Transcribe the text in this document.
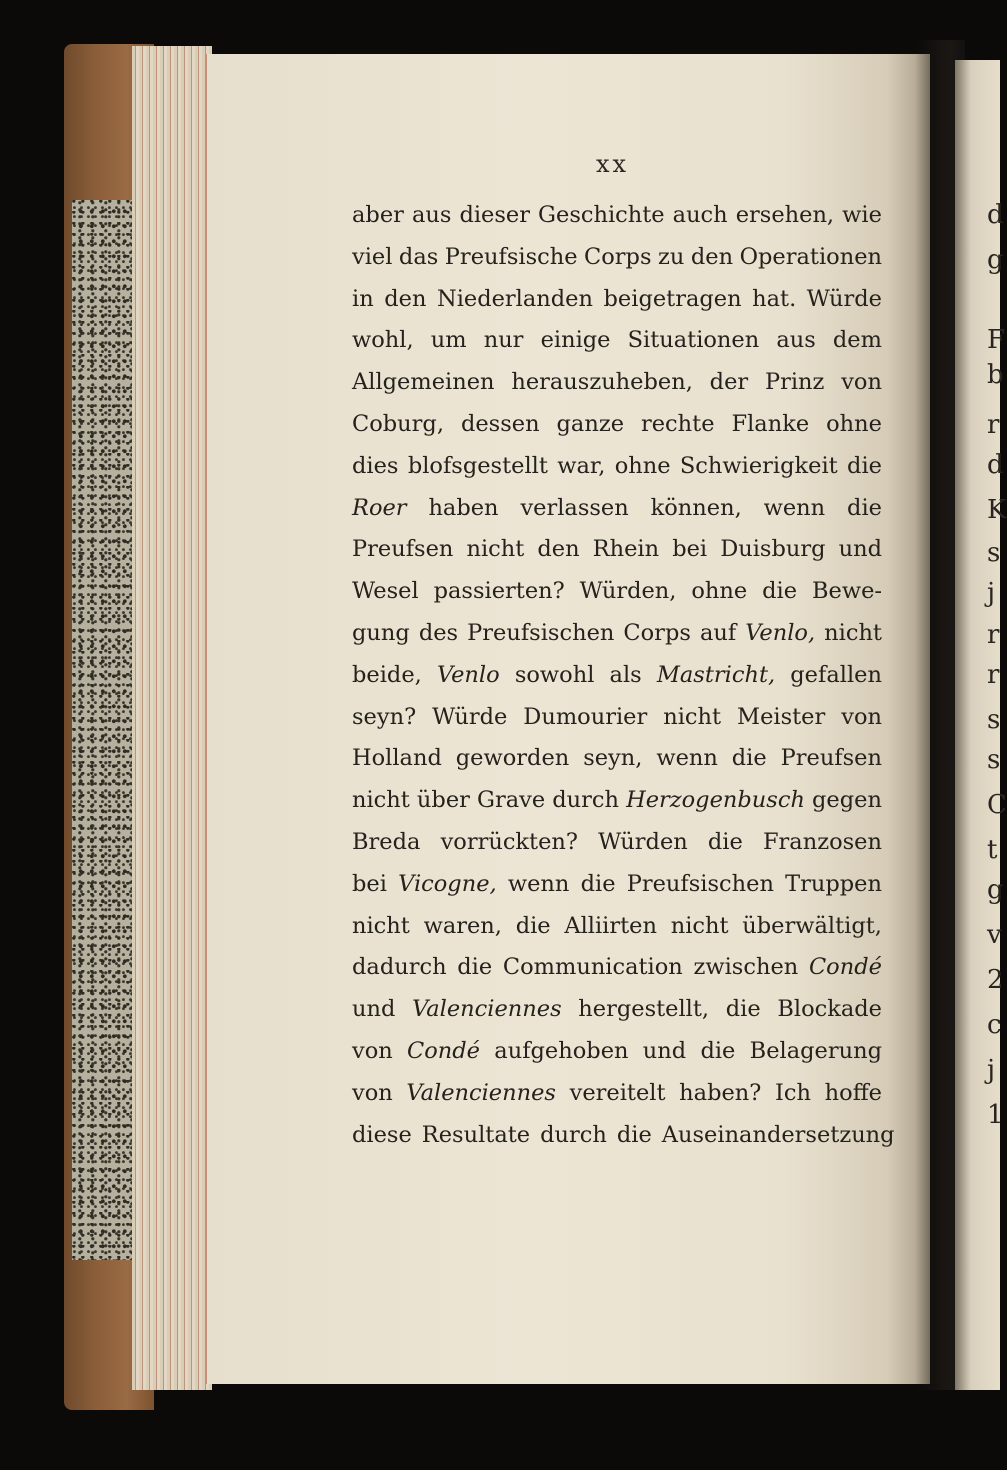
d
g
F
b
r
d
K
s
j
r
r
s
s
C
t
g
v
2
c
j
1
xx
aber aus dieser Geschichte auch ersehen, wie
viel das Preufsische Corps zu den Operationen
in den Niederlanden beigetragen hat. Würde
wohl, um nur einige Situationen aus dem
Allgemeinen herauszuheben, der Prinz von
Coburg, dessen ganze rechte Flanke ohne
dies blofsgestellt war, ohne Schwierigkeit die
Roer haben verlassen können, wenn die
Preufsen nicht den Rhein bei Duisburg und
Wesel passierten? Würden, ohne die Bewe-
gung des Preufsischen Corps auf Venlo, nicht
beide, Venlo sowohl als Mastricht, gefallen
seyn? Würde Dumourier nicht Meister von
Holland geworden seyn, wenn die Preufsen
nicht über Grave durch Herzogenbusch gegen
Breda vorrückten? Würden die Franzosen
bei Vicogne, wenn die Preufsischen Truppen
nicht waren, die Alliirten nicht überwältigt,
dadurch die Communication zwischen Condé
und Valenciennes hergestellt, die Blockade
von Condé aufgehoben und die Belagerung
von Valenciennes vereitelt haben? Ich hoffe
diese Resultate durch die Auseinandersetzung
